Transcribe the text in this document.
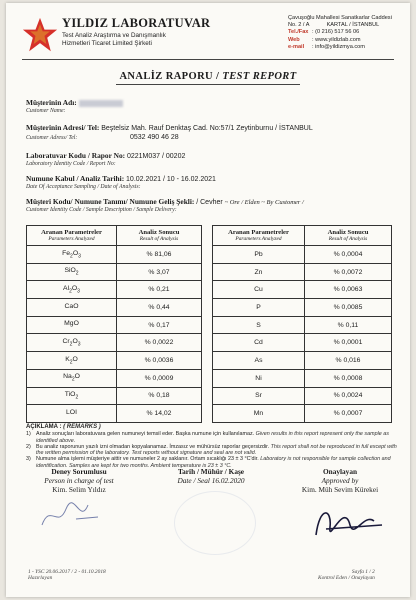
YILDIZ LABORATUVAR
Test Analiz Araştırma ve Danışmanlık
Hizmetleri Ticaret Limited Şirketi
Çavuşoğlu Mahallesi Sanatkarlar Caddesi
No. 2 / A	KARTAL / İSTANBUL
Tel./Fax : (0 216) 517 56 06
Web : www.yildizlab.com
e-mail : info@yildizmya.com
ANALİZ RAPORU / TEST REPORT
Müşterinin Adı:
Customer Name:
Müşterinin Adresi/ Tel: Beştelsiz Mah. Rauf Denktaş Cad. No:57/1 Zeytinburnu / İSTANBUL Customer Adress/ Tel:	0532 490 46 28
Laboratuvar Kodu / Rapor No: 0221M037 / 00202
Laboratory Identity Code / Report No:
Numune Kabul / Analiz Tarihi: 10.02.2021 / 10 - 16.02.2021
Date Of Acceptance Sampling / Date of Analysis:
Müşteri Kodu/ Numune Tanımı/ Numune Geliş Şekli: / Cevher ~ Ore / Elden ~ By Customer /
Customer Identity Code / Sample Description / Sample Delivery:
Aranan Parametreler
Parameters Analyzed	Analiz Sonucu
Result of Analysis

$Fe_2O_3$	% 81,06
SiO$_2$	% 3,07
$Al_2O_3$	% 0,21
CaO	% 0,44
MgO	% 0,17
$Cr_2O_3$	% 0,0022
$K_2O$	% 0,0036
$Na_2O$	% 0,0009
TiO$_2$	% 0,18
LOI	% 14,02
Aranan Parametreler
Parameters Analyzed	Analiz Sonucu
Result of Analysis

Pb	% 0,0004
Zn	% 0,0072
Cu	% 0,0063
P	% 0,0085
S	% 0,11
Cd	% 0,0001
As	% 0,016
Ni	% 0,0008
Sr	% 0,0024
Mn	% 0,0007
AÇIKLAMA : ( REMARKS )
1) Analiz sonuçları laboratuvara gelen numuneyi temsil eder. Başka numune için kullanılamaz. Given results in this report represent only the sample as identified above.
2) Bu analiz raporunun yazılı izni olmadan kopyalanamaz. İmzasız ve mühürsüz raporlar geçersizdir. This report shall not be reproduced in full except with the written permission of the laboratory. Test reports without signature and seal are not valid.
3) Numune alma işlemi müşteriye aittir ve numuneler 2 ay saklanır. Ortam sıcaklığı 23 ± 3 °C'dir. Laboratory is not responsible for sample collection and identification. Samples are kept for two months. Ambient temperature is 23 ± 3 °C.
Deney Sorumlusu
Person in charge of test
Kim. Selim Yıldız
Tarih / Mühür / Kaşe
Date / Seal 16.02.2020
Onaylayan
Approved by
Kim. Müh Sevim Kürekei
1 - YSC 20.06.2017 / 2 - 01.10.2018
Hazırlayan
Sayfa 1 / 2
Kontrol Eden / Onaylayan
